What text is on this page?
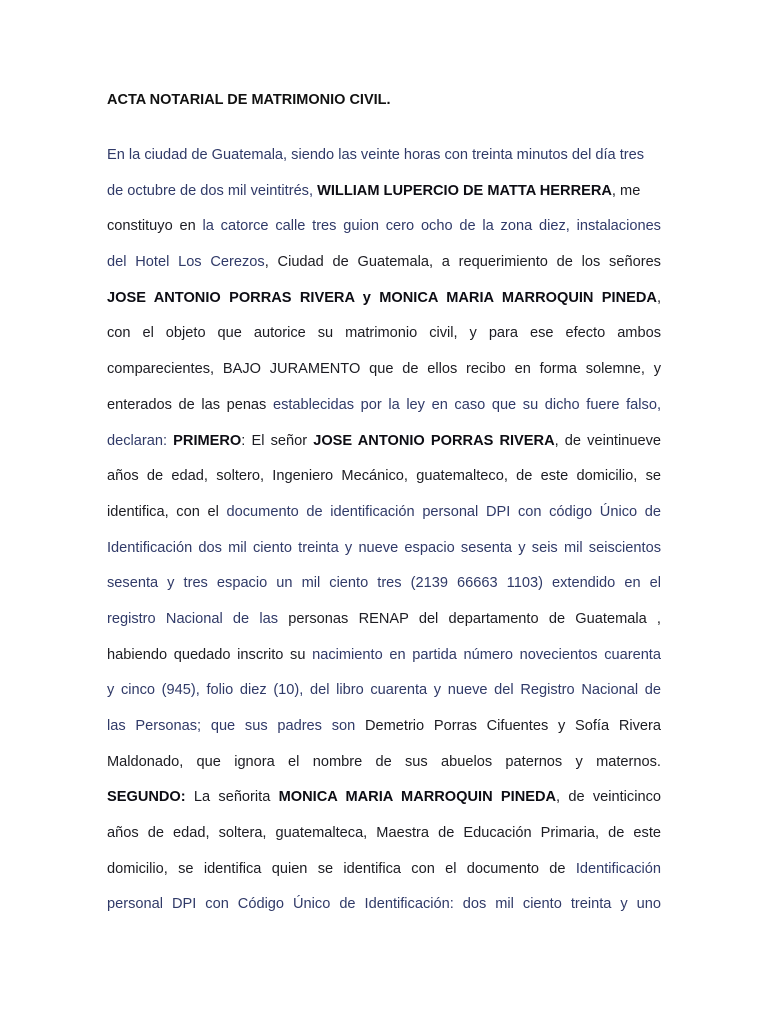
ACTA NOTARIAL DE MATRIMONIO CIVIL.
En la ciudad de Guatemala, siendo las veinte horas con treinta minutos del día tres
de octubre de dos mil veintitrés, WILLIAM LUPERCIO DE MATTA HERRERA, me
constituyo en la catorce calle tres guion cero ocho de la zona diez, instalaciones
del Hotel Los Cerezos, Ciudad de Guatemala, a requerimiento de los señores
JOSE ANTONIO PORRAS RIVERA y MONICA MARIA MARROQUIN PINEDA,
con el objeto que autorice su matrimonio civil, y para ese efecto ambos
comparecientes, BAJO JURAMENTO que de ellos recibo en forma solemne, y
enterados de las penas establecidas por la ley en caso que su dicho fuere falso,
declaran: PRIMERO: El señor JOSE ANTONIO PORRAS RIVERA, de veintinueve
años de edad, soltero, Ingeniero Mecánico, guatemalteco, de este domicilio, se
identifica, con el documento de identificación personal DPI con código Único de
Identificación dos mil ciento treinta y nueve espacio sesenta y seis mil seiscientos
sesenta y tres espacio un mil ciento tres (2139 66663 1103) extendido en el
registro Nacional de las personas RENAP del departamento de Guatemala ,
habiendo quedado inscrito su nacimiento en partida número novecientos cuarenta
y cinco (945), folio diez (10), del libro cuarenta y nueve del Registro Nacional de
las Personas; que sus padres son Demetrio Porras Cifuentes y Sofía Rivera
Maldonado, que ignora el nombre de sus abuelos paternos y maternos.
SEGUNDO: La señorita MONICA MARIA MARROQUIN PINEDA, de veinticinco
años de edad, soltera, guatemalteca, Maestra de Educación Primaria, de este
domicilio, se identifica quien se identifica con el documento de Identificación
personal DPI con Código Único de Identificación: dos mil ciento treinta y uno
